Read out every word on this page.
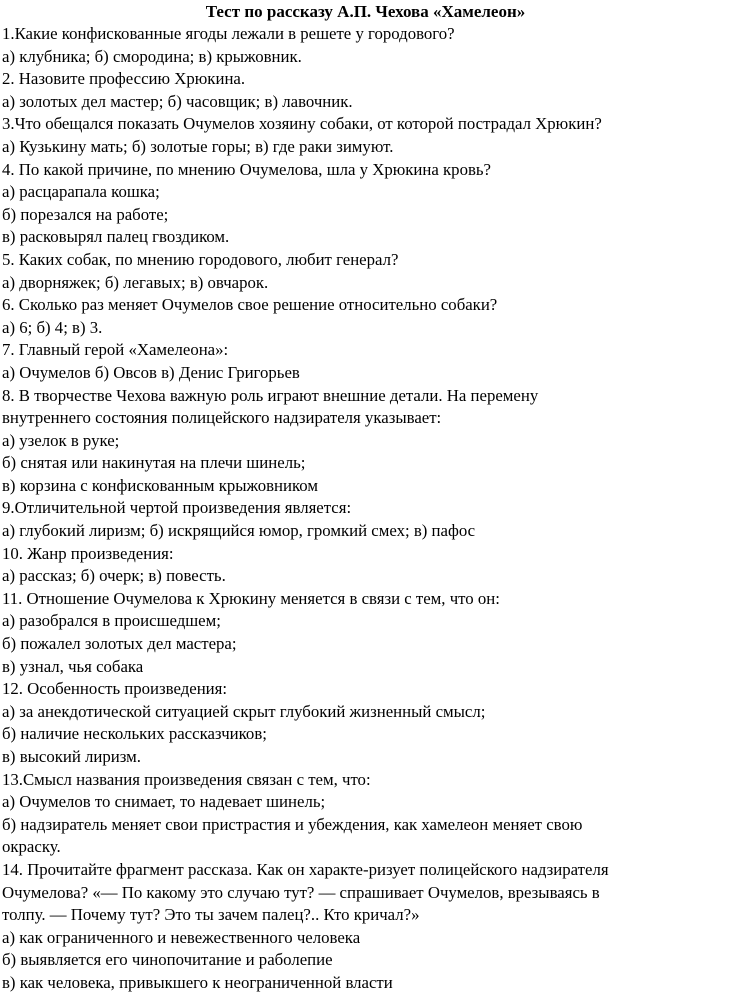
Тест по рассказу А.П. Чехова «Хамелеон»
1.Какие конфискованные ягоды лежали в решете у городового?
а) клубника; б) смородина; в) крыжовник.
2. Назовите профессию Хрюкина.
а) золотых дел мастер; б) часовщик; в) лавочник.
3.Что обещался показать Очумелов хозяину собаки, от которой пострадал Хрюкин?
а) Кузькину мать; б) золотые горы; в) где раки зимуют.
4. По какой причине, по мнению Очумелова, шла у Хрюкина кровь?
а) расцарапала кошка;
б) порезался на работе;
в) расковырял палец гвоздиком.
5. Каких собак, по мнению городового, любит генерал?
а) дворняжек; б) легавых; в) овчарок.
6. Сколько раз меняет Очумелов свое решение относительно собаки?
а) 6; б) 4; в) 3.
7. Главный герой «Хамелеона»:
а) Очумелов б) Овсов в) Денис Григорьев
8. В творчестве Чехова важную роль играют внешние детали. На перемену
внутреннего состояния полицейского надзирателя указывает:
а) узелок в руке;
б) снятая или накинутая на плечи шинель;
в) корзина с конфискованным крыжовником
9.Отличительной чертой произведения является:
а) глубокий лиризм; б) искрящийся юмор, громкий смех; в) пафос
10. Жанр произведения:
а) рассказ; б) очерк; в) повесть.
11. Отношение Очумелова к Хрюкину меняется в связи с тем, что он:
а) разобрался в происшедшем;
б) пожалел золотых дел мастера;
в) узнал, чья собака
12. Особенность произведения:
а) за анекдотической ситуацией скрыт глубокий жизненный смысл;
б) наличие нескольких рассказчиков;
в) высокий лиризм.
13.Смысл названия произведения связан с тем, что:
а) Очумелов то снимает, то надевает шинель;
б) надзиратель меняет свои пристрастия и убеждения, как хамелеон меняет свою
окраску.
14. Прочитайте фрагмент рассказа. Как он характе-ризует полицейского надзирателя
Очумелова? «— По какому это случаю тут? — спрашивает Очумелов, врезываясь в
толпу. — Почему тут? Это ты зачем палец?.. Кто кричал?»
а) как ограниченного и невежественного человека
б) выявляется его чинопочитание и раболепие
в) как человека, привыкшего к неограниченной власти
